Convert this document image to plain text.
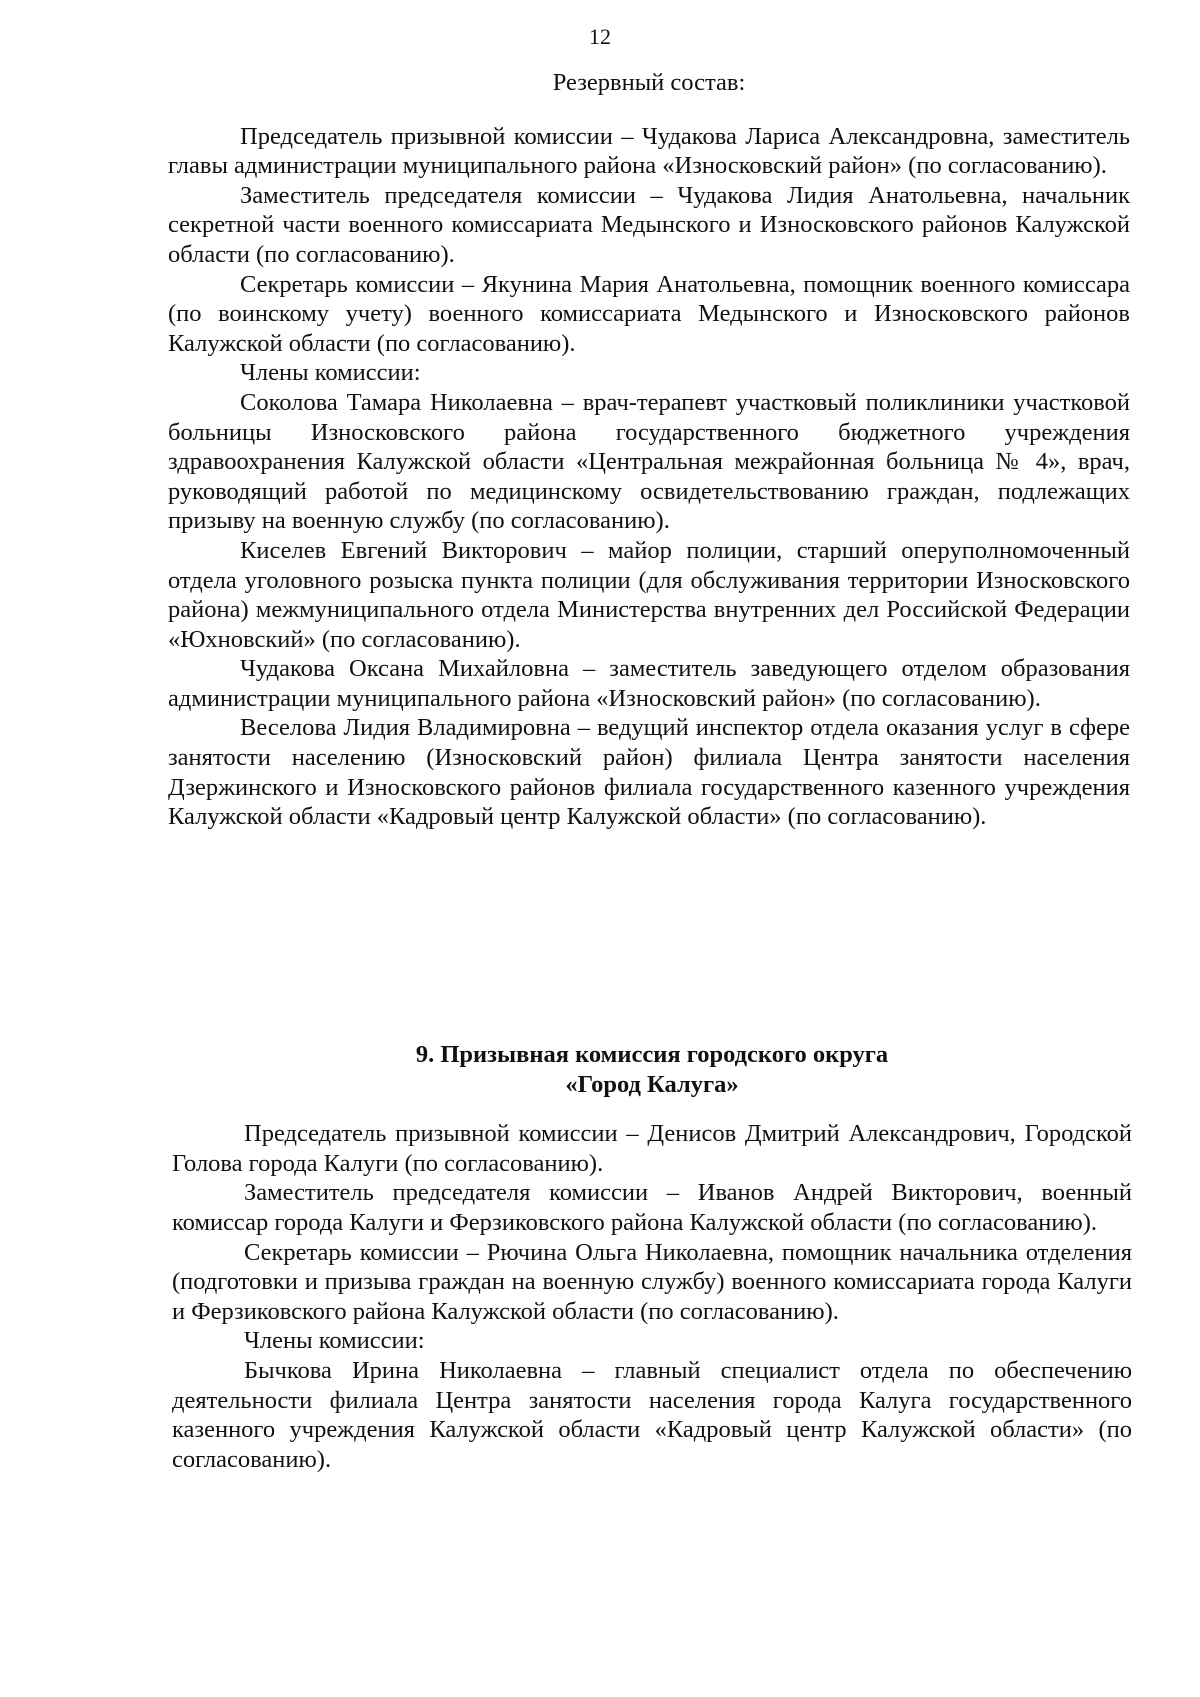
12

Резервный состав:

Председатель призывной комиссии – Чудакова Лариса Александровна, заместитель главы администрации муниципального района «Износковский район» (по согласованию).

Заместитель председателя комиссии – Чудакова Лидия Анатольевна, начальник секретной части военного комиссариата Медынского и Износковского районов Калужской области (по согласованию).

Секретарь комиссии – Якунина Мария Анатольевна, помощник военного комиссара (по воинскому учету) военного комиссариата Медынского и Износковского районов Калужской области (по согласованию).

Члены комиссии:

Соколова Тамара Николаевна – врач-терапевт участковый поликлиники участковой больницы Износковского района государственного бюджетного учреждения здравоохранения Калужской области «Центральная межрайонная больница № 4», врач, руководящий работой по медицинскому освидетельствованию граждан, подлежащих призыву на военную службу (по согласованию).

Киселев Евгений Викторович – майор полиции, старший оперуполномоченный отдела уголовного розыска пункта полиции (для обслуживания территории Износковского района) межмуниципального отдела Министерства внутренних дел Российской Федерации «Юхновский» (по согласованию).

Чудакова Оксана Михайловна – заместитель заведующего отделом образования администрации муниципального района «Износковский район» (по согласованию).

Веселова Лидия Владимировна – ведущий инспектор отдела оказания услуг в сфере занятости населению (Износковский район) филиала Центра занятости населения Дзержинского и Износковского районов филиала государственного казенного учреждения Калужской области «Кадровый центр Калужской области» (по согласованию).

9. Призывная комиссия городского округа

«Город Калуга»

Председатель призывной комиссии – Денисов Дмитрий Александрович, Городской Голова города Калуги (по согласованию).

Заместитель председателя комиссии – Иванов Андрей Викторович, военный комиссар города Калуги и Ферзиковского района Калужской области (по согласованию).

Секретарь комиссии – Рючина Ольга Николаевна, помощник начальника отделения (подготовки и призыва граждан на военную службу) военного комиссариата города Калуги и Ферзиковского района Калужской области (по согласованию).

Члены комиссии:

Бычкова Ирина Николаевна – главный специалист отдела по обеспечению деятельности филиала Центра занятости населения города Калуга государственного казенного учреждения Калужской области «Кадровый центр Калужской области» (по согласованию).
